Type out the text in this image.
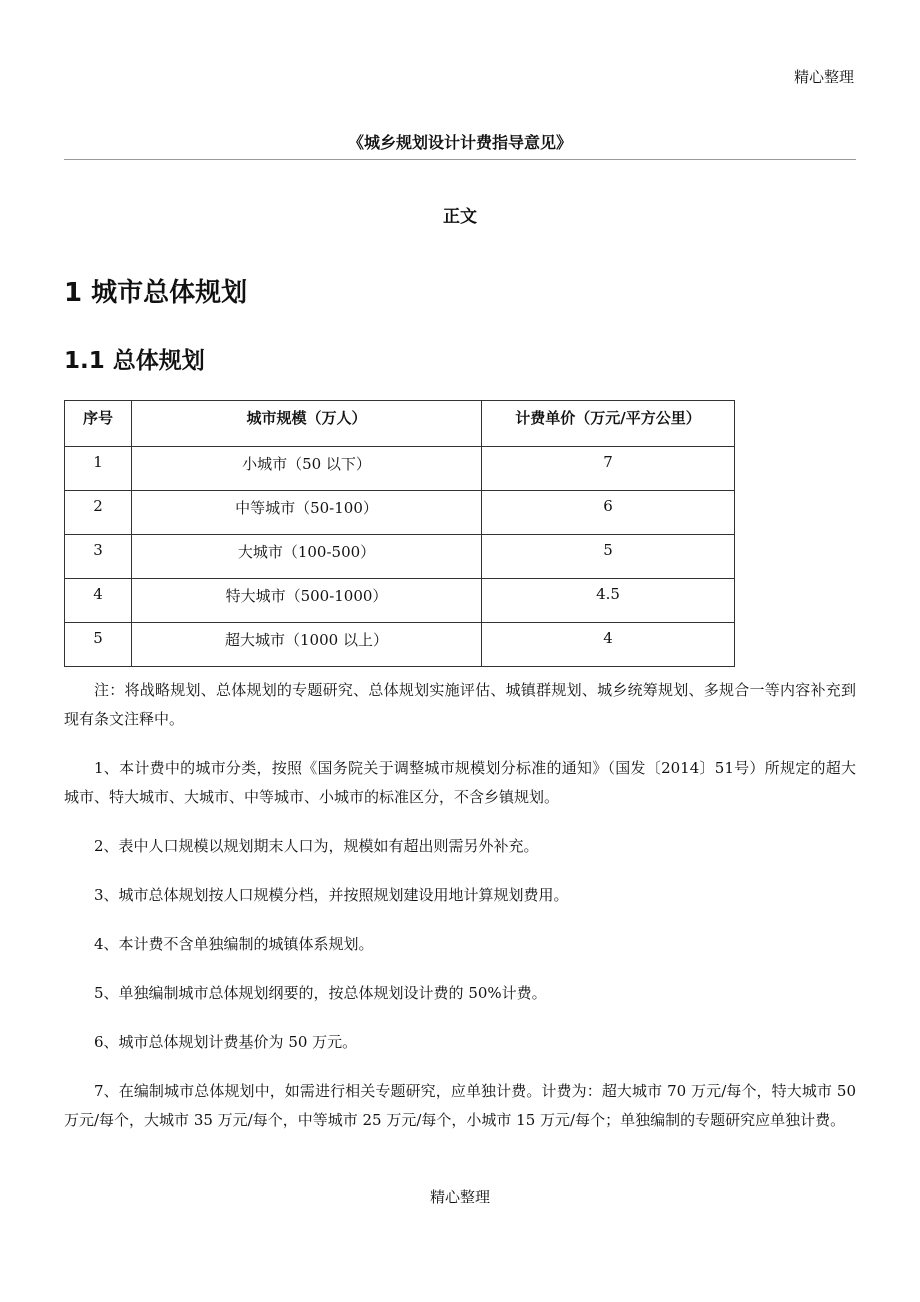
精心整理
《城乡规划设计计费指导意见》
正文
1 城市总体规划
1.1 总体规划
序号	城市规模（万人）	计费单价（万元/平方公里）
1	小城市（50 以下）	7
2	中等城市（50-100）	6
3	大城市（100-500）	5
4	特大城市（500-1000）	4.5
5	超大城市（1000 以上）	4

注：将战略规划、总体规划的专题研究、总体规划实施评估、城镇群规划、城乡统筹规划、多规合一等内容补充到现有条文注释中。

1、本计费中的城市分类，按照《国务院关于调整城市规模划分标准的通知》（国发〔2014〕51号）所规定的超大城市、特大城市、大城市、中等城市、小城市的标准区分，不含乡镇规划。

2、表中人口规模以规划期末人口为，规模如有超出则需另外补充。

3、城市总体规划按人口规模分档，并按照规划建设用地计算规划费用。

4、本计费不含单独编制的城镇体系规划。

5、单独编制城市总体规划纲要的，按总体规划设计费的 50%计费。

6、城市总体规划计费基价为 50 万元。

7、在编制城市总体规划中，如需进行相关专题研究，应单独计费。计费为：超大城市 70 万元/每个，特大城市 50 万元/每个，大城市 35 万元/每个，中等城市 25 万元/每个，小城市 15 万元/每个；单独编制的专题研究应单独计费。

精心整理
